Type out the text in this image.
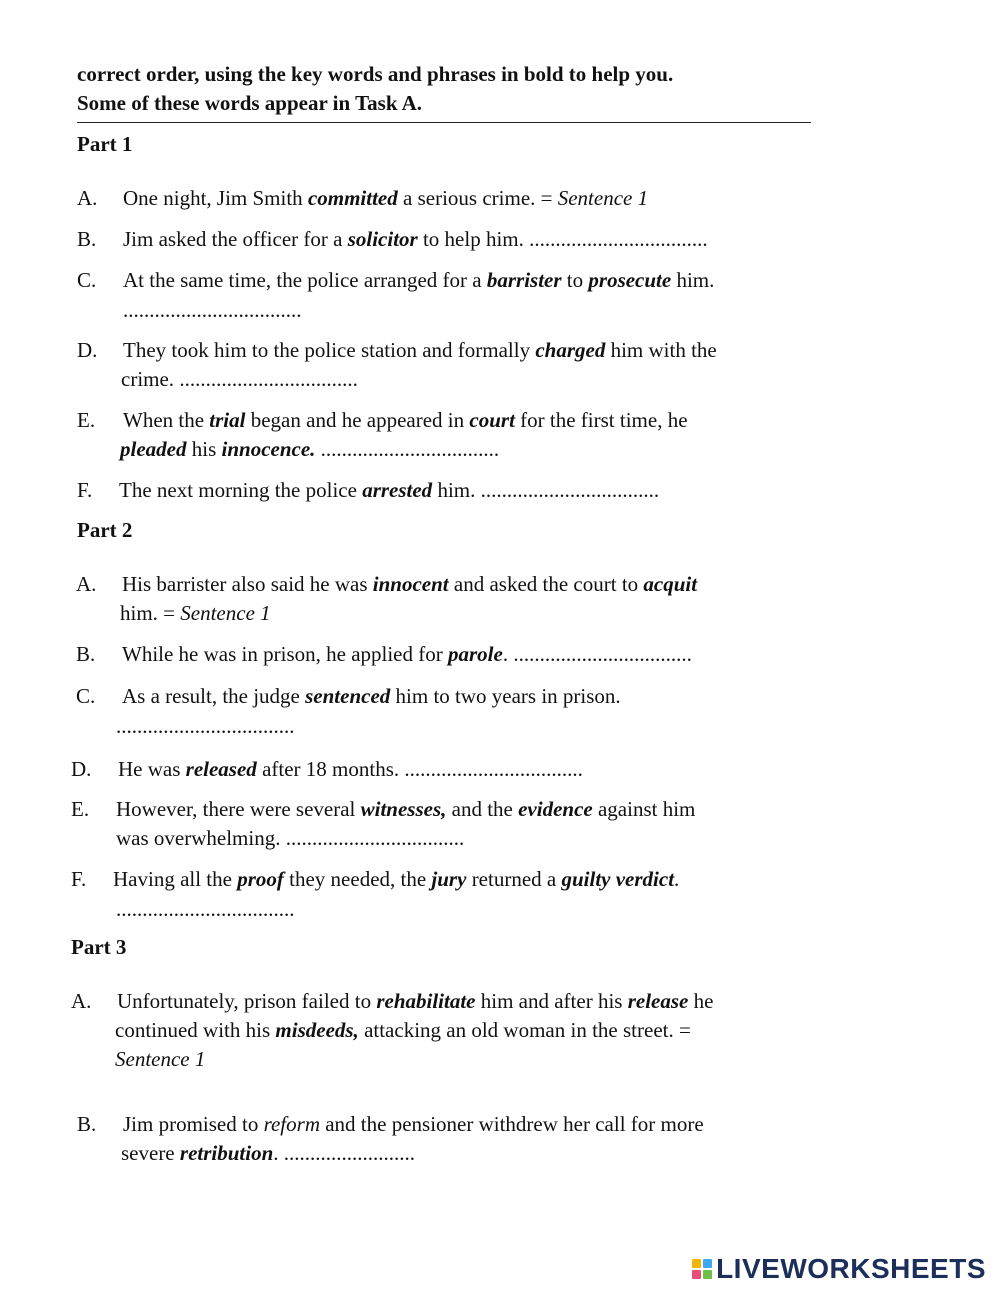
correct order, using the key words and phrases in bold to help you.
Some of these words appear in Task A.
Part 1
A. One night, Jim Smith committed a serious crime. = Sentence 1
B. Jim asked the officer for a solicitor to help him. ..................................
C. At the same time, the police arranged for a barrister to prosecute him.
..................................
D. They took him to the police station and formally charged him with the
crime. ..................................
E. When the trial began and he appeared in court for the first time, he
pleaded his innocence. ..................................
F. The next morning the police arrested him. ..................................
Part 2
A. His barrister also said he was innocent and asked the court to acquit
him. = Sentence 1
B. While he was in prison, he applied for parole. ..................................
C. As a result, the judge sentenced him to two years in prison.
..................................
D. He was released after 18 months. ..................................
E. However, there were several witnesses, and the evidence against him
was overwhelming. ..................................
F. Having all the proof they needed, the jury returned a guilty verdict.
..................................
Part 3
A. Unfortunately, prison failed to rehabilitate him and after his release he
continued with his misdeeds, attacking an old woman in the street. =
Sentence 1
B. Jim promised to reform and the pensioner withdrew her call for more
severe retribution. .........................
LIVEWORKSHEETS
